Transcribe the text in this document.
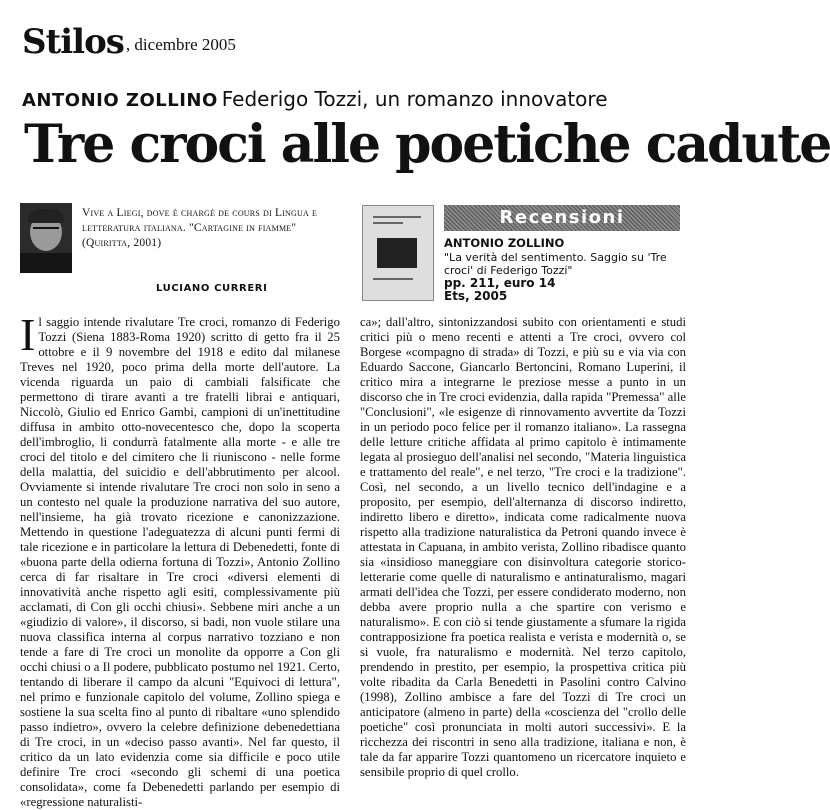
Stilos , dicembre 2005
ANTONIO ZOLLINO Federigo Tozzi, un romanzo innovatore
Tre croci alle poetiche cadute
Vive a Liegi, dove è chargé de cours di Lingua e letteratura italiana. "Cartagine in fiamme" (Quiritta, 2001)
LUCIANO CURRERI
Recensioni
ANTONIO ZOLLINO
"La verità del sentimento. Saggio su 'Tre croci' di Federigo Tozzi"
pp. 211, euro 14
Ets, 2005

Il saggio intende rivalutare Tre croci, romanzo di Federigo Tozzi (Siena 1883-Roma 1920) scritto di getto fra il 25 ottobre e il 9 novembre del 1918 e edito dal milanese Treves nel 1920, poco prima della morte dell'autore. La vicenda riguarda un paio di cambiali falsificate che permettono di tirare avanti a tre fratelli librai e antiquari, Niccolò, Giulio ed Enrico Gambi, campioni di un'inettitudine diffusa in ambito otto-novecentesco che, dopo la scoperta dell'imbroglio, li condurrà fatalmente alla morte - e alle tre croci del titolo e del cimitero che li riunisconο - nelle forme della malattia, del suicidio e dell'abbrutimento per alcool. Ovviamente si intende rivalutare Tre croci non solo in seno a un contesto nel quale la produzione narrativa del suo autore, nell'insieme, ha già trovato ricezione e canonizzazione. Mettendo in questione l'adeguatezza di alcuni punti fermi di tale ricezione e in particolare la lettura di Debenedetti, fonte di «buona parte della odierna fortuna di Tozzi», Antonio Zollino cerca di far risaltare in Tre croci «diversi elementi di innovatività anche rispetto agli esiti, complessivamente più acclamati, di Con gli occhi chiusi». Sebbene miri anche a un «giudizio di valore», il discorso, si badi, non vuole stilare una nuova classifica interna al corpus narrativo tozziano e non tende a fare di Tre croci un monolite da opporre a Con gli occhi chiusi o a Il podere, pubblicato postumo nel 1921. Certo, tentando di liberare il campo da alcuni "Equivoci di lettura", nel primo e funzionale capitolo del volume, Zollino spiega e sostiene la sua scelta fino al punto di ribaltare «uno splendido passo indietro», ovvero la celebre definizione debenedettiana di Tre croci, in un «deciso passo avanti». Nel far questo, il critico da un lato evidenzia come sia difficile e poco utile definire Tre croci «secondo gli schemi di una poetica consolidata», come fa Debenedetti parlando per esempio di «regressione naturalisti-

ca»; dall'altro, sintonizzandosi subito con orientamenti e studi critici più o meno recenti e attenti a Tre croci, ovvero col Borgese «compagno di strada» di Tozzi, e più su e via via con Eduardo Saccone, Giancarlo Bertoncini, Romano Luperini, il critico mira a integrarne le preziose messe a punto in un discorso che in Tre croci evidenzia, dalla rapida "Premessa" alle "Conclusioni", «le esigenze di rinnovamento avvertite da Tozzi in un periodo poco felice per il romanzo italiano». La rassegna delle letture critiche affidata al primo capitolo è intimamente legata al prosieguo dell'analisi nel secondo, "Materia linguistica e trattamento del reale", e nel terzo, "Tre croci e la tradizione". Così, nel secondo, a un livello tecnico dell'indagine e a proposito, per esempio, dell'alternanza di discorso indiretto, indiretto libero e diretto», indicata come radicalmente nuova rispetto alla tradizione naturalistica da Petroni quando invece è attestata in Capuana, in ambito verista, Zollino ribadisce quanto sia «insidioso maneggiare con disinvoltura categorie storico-letterarie come quelle di naturalismo e antinaturalismo, magari armati dell'idea che Tozzi, per essere condiderato moderno, non debba avere proprio nulla a che spartire con verismo e naturalismo». E con ciò si tende giustamente a sfumare la rigida contrapposizione fra poetica realista e verista e modernità o, se si vuole, fra naturalismo e modernità. Nel terzo capitolo, prendendo in prestito, per esempio, la prospettiva critica più volte ribadita da Carla Benedetti in Pasolini contro Calvino (1998), Zollino ambisce a fare del Tozzi di Tre croci un anticipatore (almeno in parte) della «coscienza del "crollo delle poetiche" così pronunciata in molti autori successivi». E la ricchezza dei riscontri in seno alla tradizione, italiana e non, è tale da far apparire Tozzi quantomeno un ricercatore inquieto e sensibile proprio di quel crollo.
